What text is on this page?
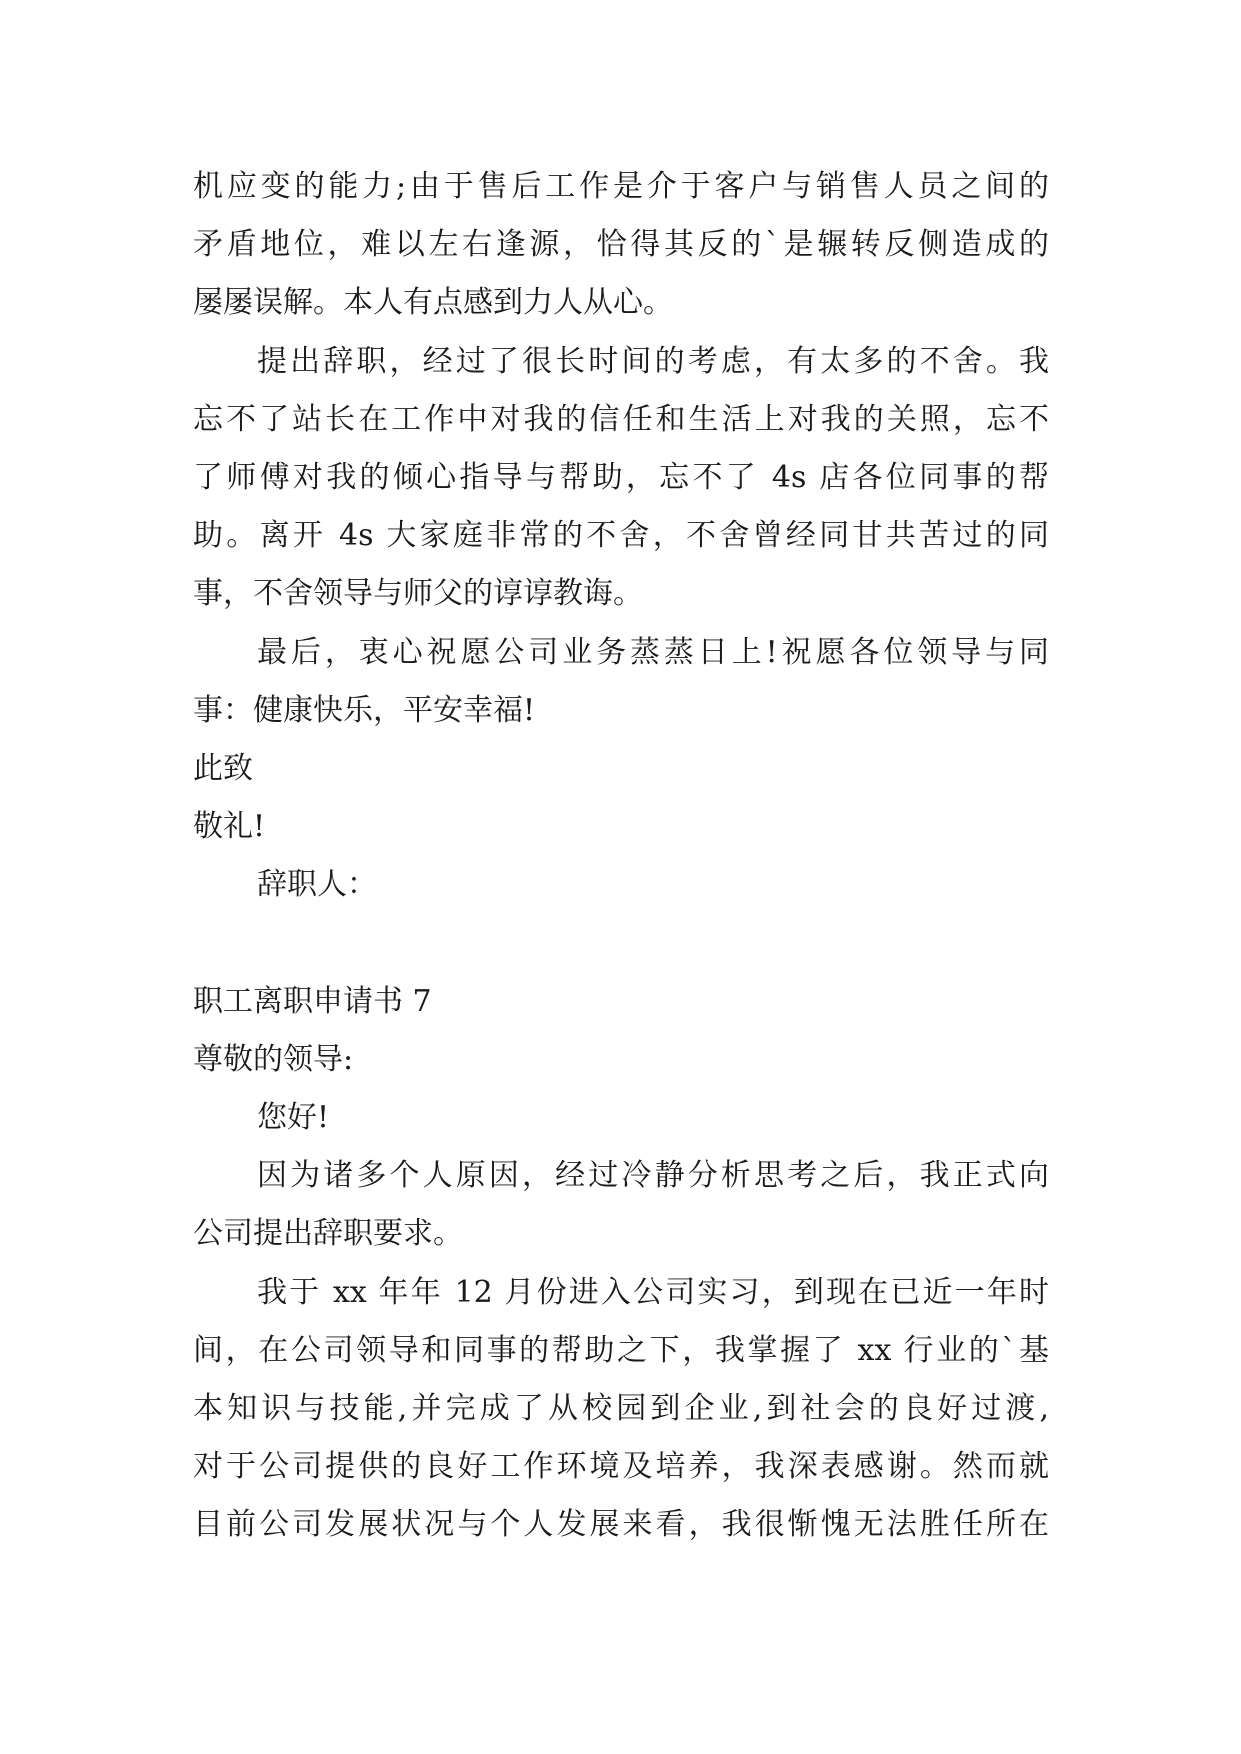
机应变的能力;由于售后工作是介于客户与销售人员之间的
矛盾地位，难以左右逢源，恰得其反的`是辗转反侧造成的
屡屡误解。本人有点感到力人从心。
提出辞职，经过了很长时间的考虑，有太多的不舍。我
忘不了站长在工作中对我的信任和生活上对我的关照，忘不
了师傅对我的倾心指导与帮助，忘不了 4s 店各位同事的帮
助。离开 4s 大家庭非常的不舍，不舍曾经同甘共苦过的同
事，不舍领导与师父的谆谆教诲。
最后，衷心祝愿公司业务蒸蒸日上!祝愿各位领导与同
事：健康快乐，平安幸福!
此致
敬礼!
辞职人：
职工离职申请书 7
尊敬的领导:
您好!
因为诸多个人原因，经过冷静分析思考之后，我正式向
公司提出辞职要求。
我于 xx 年年 12 月份进入公司实习，到现在已近一年时
间，在公司领导和同事的帮助之下，我掌握了 xx 行业的`基
本知识与技能,并完成了从校园到企业,到社会的良好过渡,
对于公司提供的良好工作环境及培养，我深表感谢。然而就
目前公司发展状况与个人发展来看，我很惭愧无法胜任所在
